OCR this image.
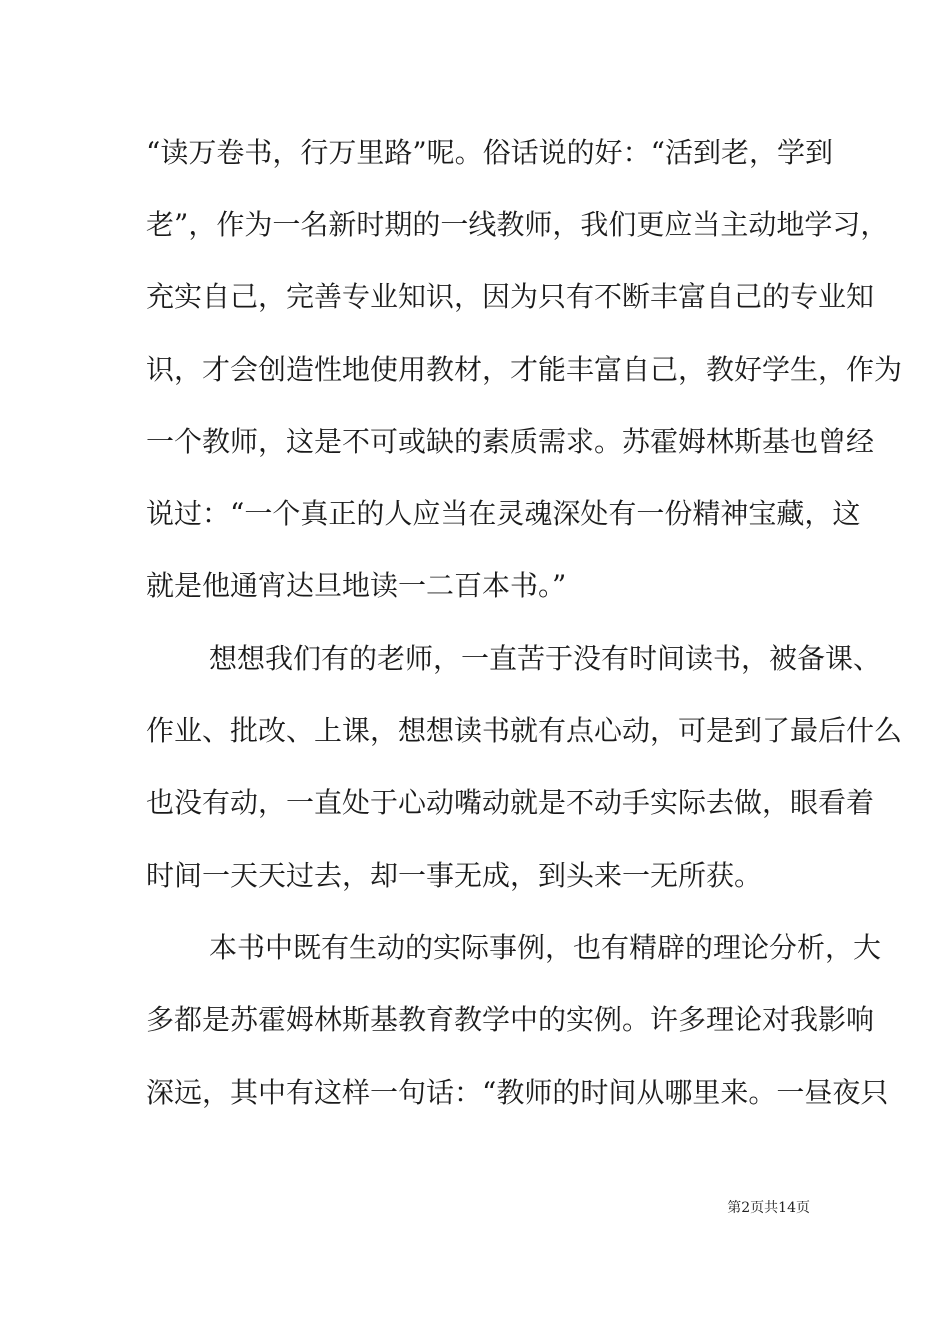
“读万卷书，行万里路”呢。俗话说的好：“活到老，学到
老”，作为一名新时期的一线教师，我们更应当主动地学习，
充实自己，完善专业知识，因为只有不断丰富自己的专业知
识，才会创造性地使用教材，才能丰富自己，教好学生，作为
一个教师，这是不可或缺的素质需求。苏霍姆林斯基也曾经
说过：“一个真正的人应当在灵魂深处有一份精神宝藏，这
就是他通宵达旦地读一二百本书。”
想想我们有的老师，一直苦于没有时间读书，被备课、
作业、批改、上课，想想读书就有点心动，可是到了最后什么
也没有动，一直处于心动嘴动就是不动手实际去做，眼看着
时间一天天过去，却一事无成，到头来一无所获。
本书中既有生动的实际事例，也有精辟的理论分析，大
多都是苏霍姆林斯基教育教学中的实例。许多理论对我影响
深远，其中有这样一句话：“教师的时间从哪里来。一昼夜只
第2页共14页
